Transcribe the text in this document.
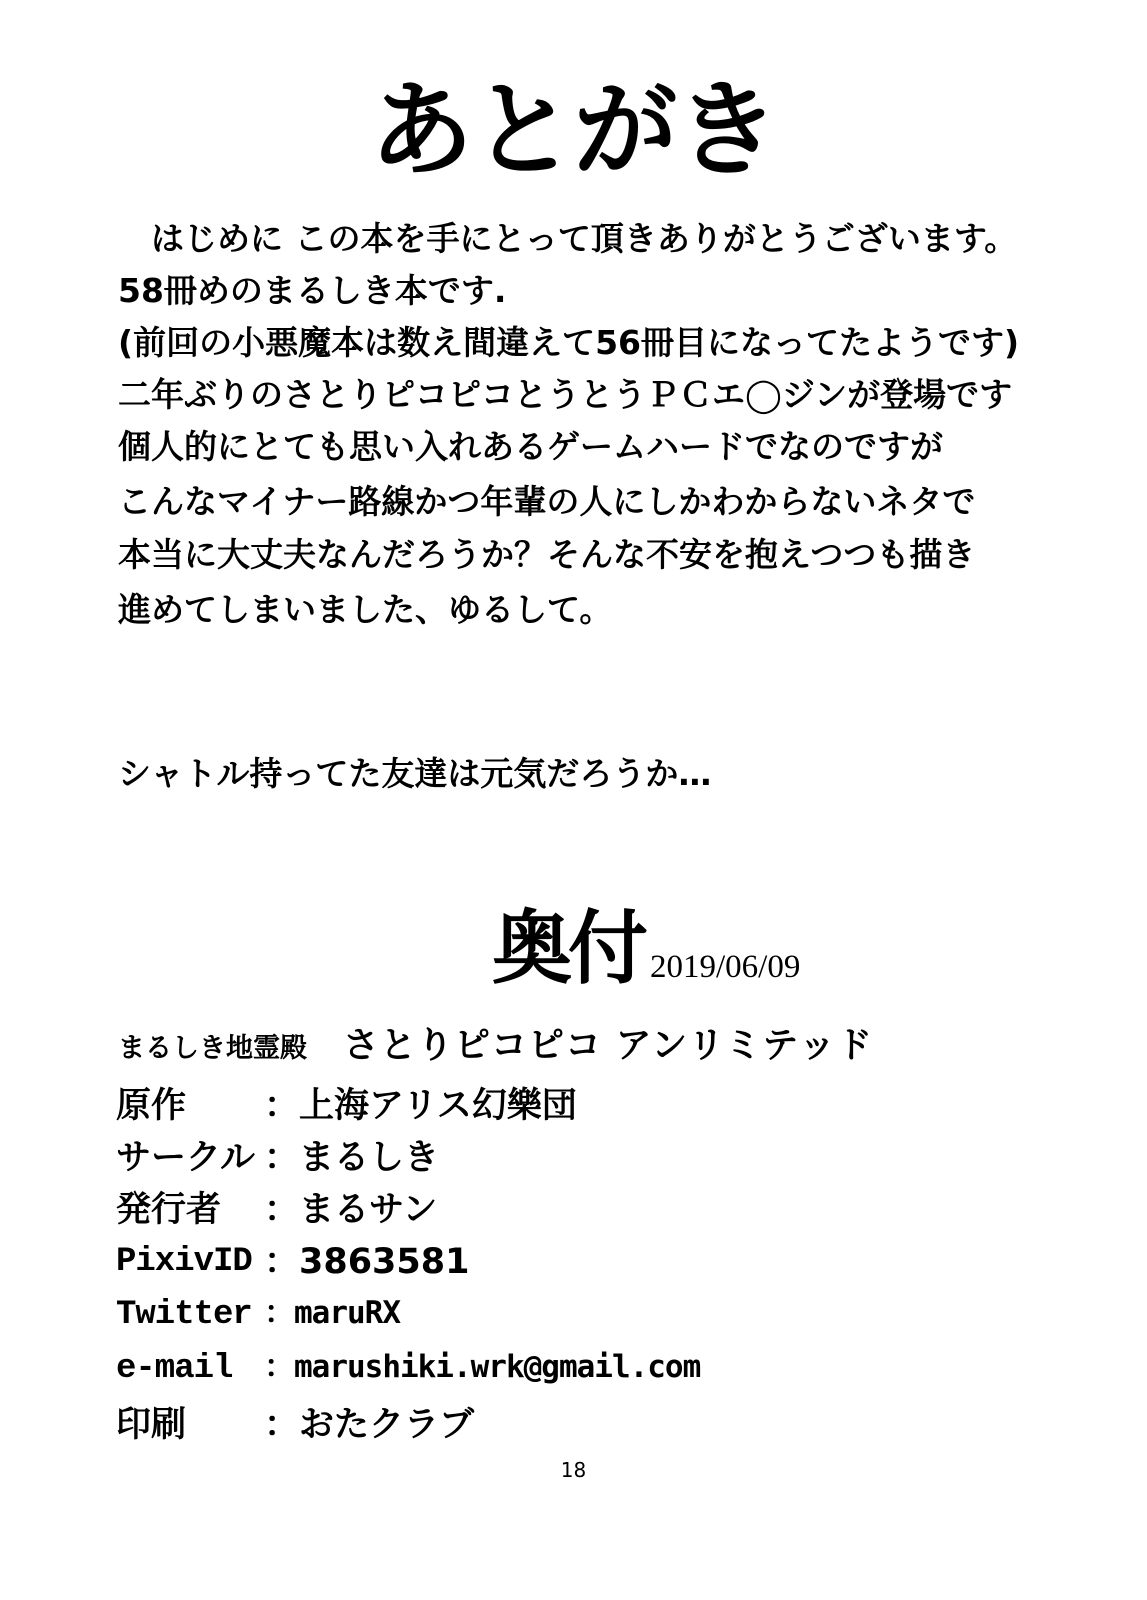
あとがき
　はじめに この本を手にとって頂きありがとうございます。
58冊めのまるしき本です.
(前回の小悪魔本は数え間違えて56冊目になってたようです)
二年ぶりのさとりピコピコとうとうＰＣエ◯ジンが登場です
個人的にとても思い入れあるゲームハードでなのですが
こんなマイナー路線かつ年輩の人にしかわからないネタで
本当に大丈夫なんだろうか？そんな不安を抱えつつも描き
進めてしまいました、ゆるして。
シャトル持ってた友達は元気だろうか…
奥付 2019/06/09
まるしき地霊殿 さとりピコピコ アンリミテッド
原作 ：上海アリス幻樂団
サークル ：まるしき
発行者 ：まるサン
PixivID ：3863581
Twitter ：maruRX
e-mail ：marushiki.wrk@gmail.com
印刷 ：おたクラブ
18
